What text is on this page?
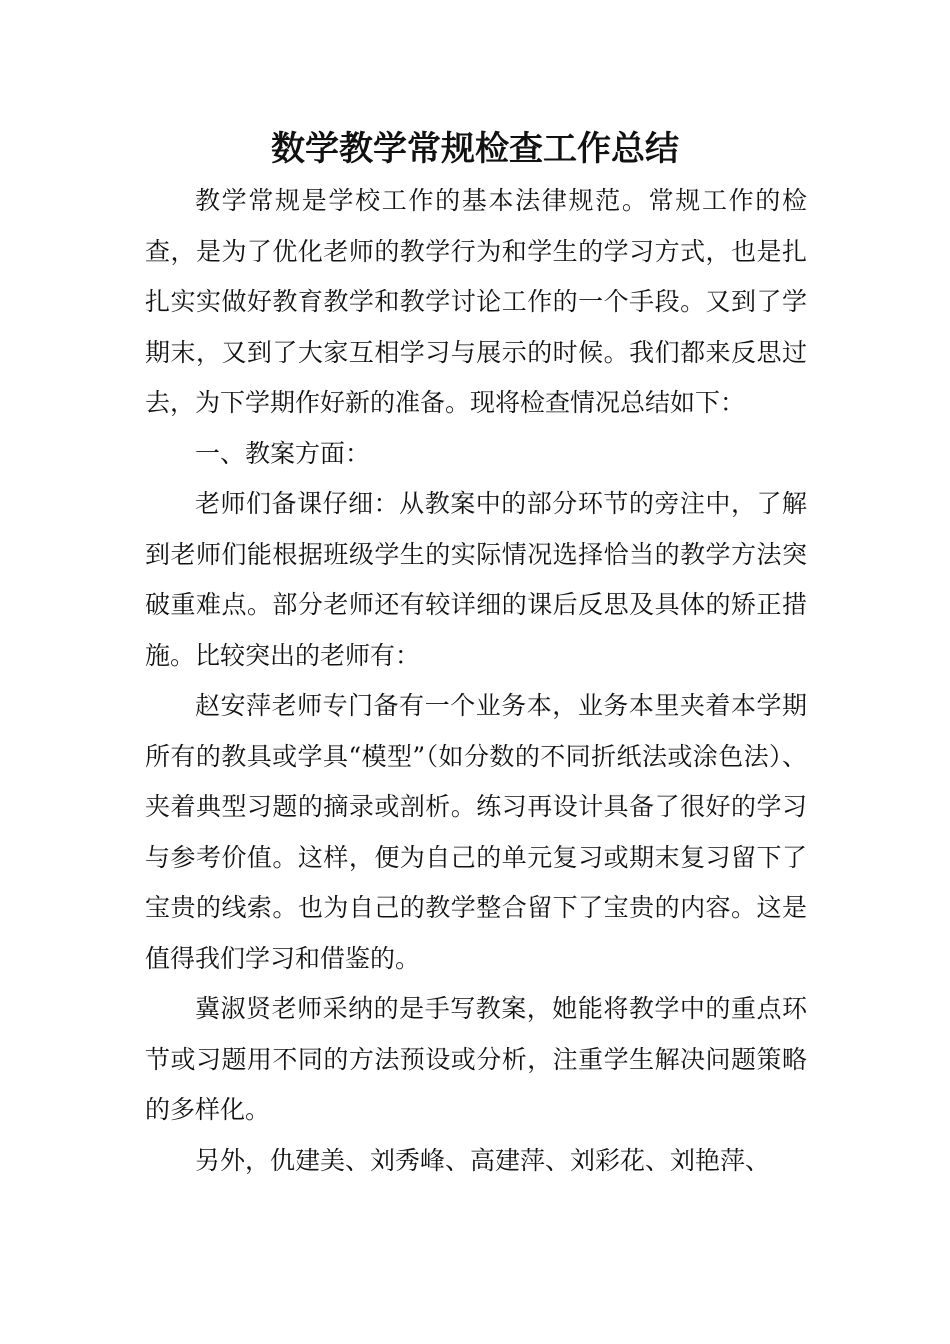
数学教学常规检查工作总结

教学常规是学校工作的基本法律规范。常规工作的检查，是为了优化老师的教学行为和学生的学习方式，也是扎扎实实做好教育教学和教学讨论工作的一个手段。又到了学期末，又到了大家互相学习与展示的时候。我们都来反思过去，为下学期作好新的准备。现将检查情况总结如下：

一、教案方面：

老师们备课仔细：从教案中的部分环节的旁注中，了解到老师们能根据班级学生的实际情况选择恰当的教学方法突破重难点。部分老师还有较详细的课后反思及具体的矫正措施。比较突出的老师有：

赵安萍老师专门备有一个业务本，业务本里夹着本学期所有的教具或学具“模型”（如分数的不同折纸法或涂色法）、夹着典型习题的摘录或剖析。练习再设计具备了很好的学习与参考价值。这样，便为自己的单元复习或期末复习留下了宝贵的线索。也为自己的教学整合留下了宝贵的内容。这是值得我们学习和借鉴的。

冀淑贤老师采纳的是手写教案，她能将教学中的重点环节或习题用不同的方法预设或分析，注重学生解决问题策略的多样化。

另外，仇建美、刘秀峰、高建萍、刘彩花、刘艳萍、
